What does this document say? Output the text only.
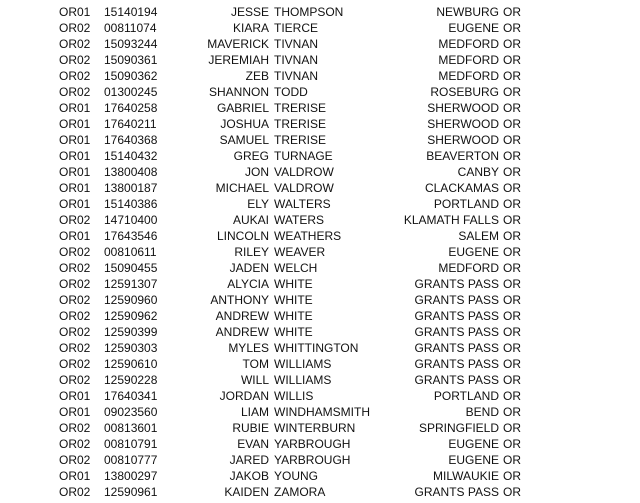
OR01 15140194	JESSE THOMPSON	NEWBURG OR
OR02 00811074	KIARA TIERCE	EUGENE OR
OR02 15093244	MAVERICK TIVNAN	MEDFORD OR
OR02 15090361	JEREMIAH TIVNAN	MEDFORD OR
OR02 15090362	ZEB TIVNAN	MEDFORD OR
OR02 01300245	SHANNON TODD	ROSEBURG OR
OR01 17640258	GABRIEL TRERISE	SHERWOOD OR
OR01 17640211	JOSHUA TRERISE	SHERWOOD OR
OR01 17640368	SAMUEL TRERISE	SHERWOOD OR
OR01 15140432	GREG TURNAGE	BEAVERTON OR
OR01 13800408	JON VALDROW	CANBY OR
OR01 13800187	MICHAEL VALDROW	CLACKAMAS OR
OR01 15140386	ELY WALTERS	PORTLAND OR
OR02 14710400	AUKAI WATERS	KLAMATH FALLS OR
OR01 17643546	LINCOLN WEATHERS	SALEM OR
OR02 00810611	RILEY WEAVER	EUGENE OR
OR02 15090455	JADEN WELCH	MEDFORD OR
OR02 12591307	ALYCIA WHITE	GRANTS PASS OR
OR02 12590960	ANTHONY WHITE	GRANTS PASS OR
OR02 12590962	ANDREW WHITE	GRANTS PASS OR
OR02 12590399	ANDREW WHITE	GRANTS PASS OR
OR02 12590303	MYLES WHITTINGTON	GRANTS PASS OR
OR02 12590610	TOM WILLIAMS	GRANTS PASS OR
OR02 12590228	WILL WILLIAMS	GRANTS PASS OR
OR01 17640341	JORDAN WILLIS	PORTLAND OR
OR01 09023560	LIAM WINDHAMSMITH	BEND OR
OR02 00813601	RUBIE WINTERBURN	SPRINGFIELD OR
OR02 00810791	EVAN YARBROUGH	EUGENE OR
OR02 00810777	JARED YARBROUGH	EUGENE OR
OR01 13800297	JAKOB YOUNG	MILWAUKIE OR
OR02 12590961	KAIDEN ZAMORA	GRANTS PASS OR
